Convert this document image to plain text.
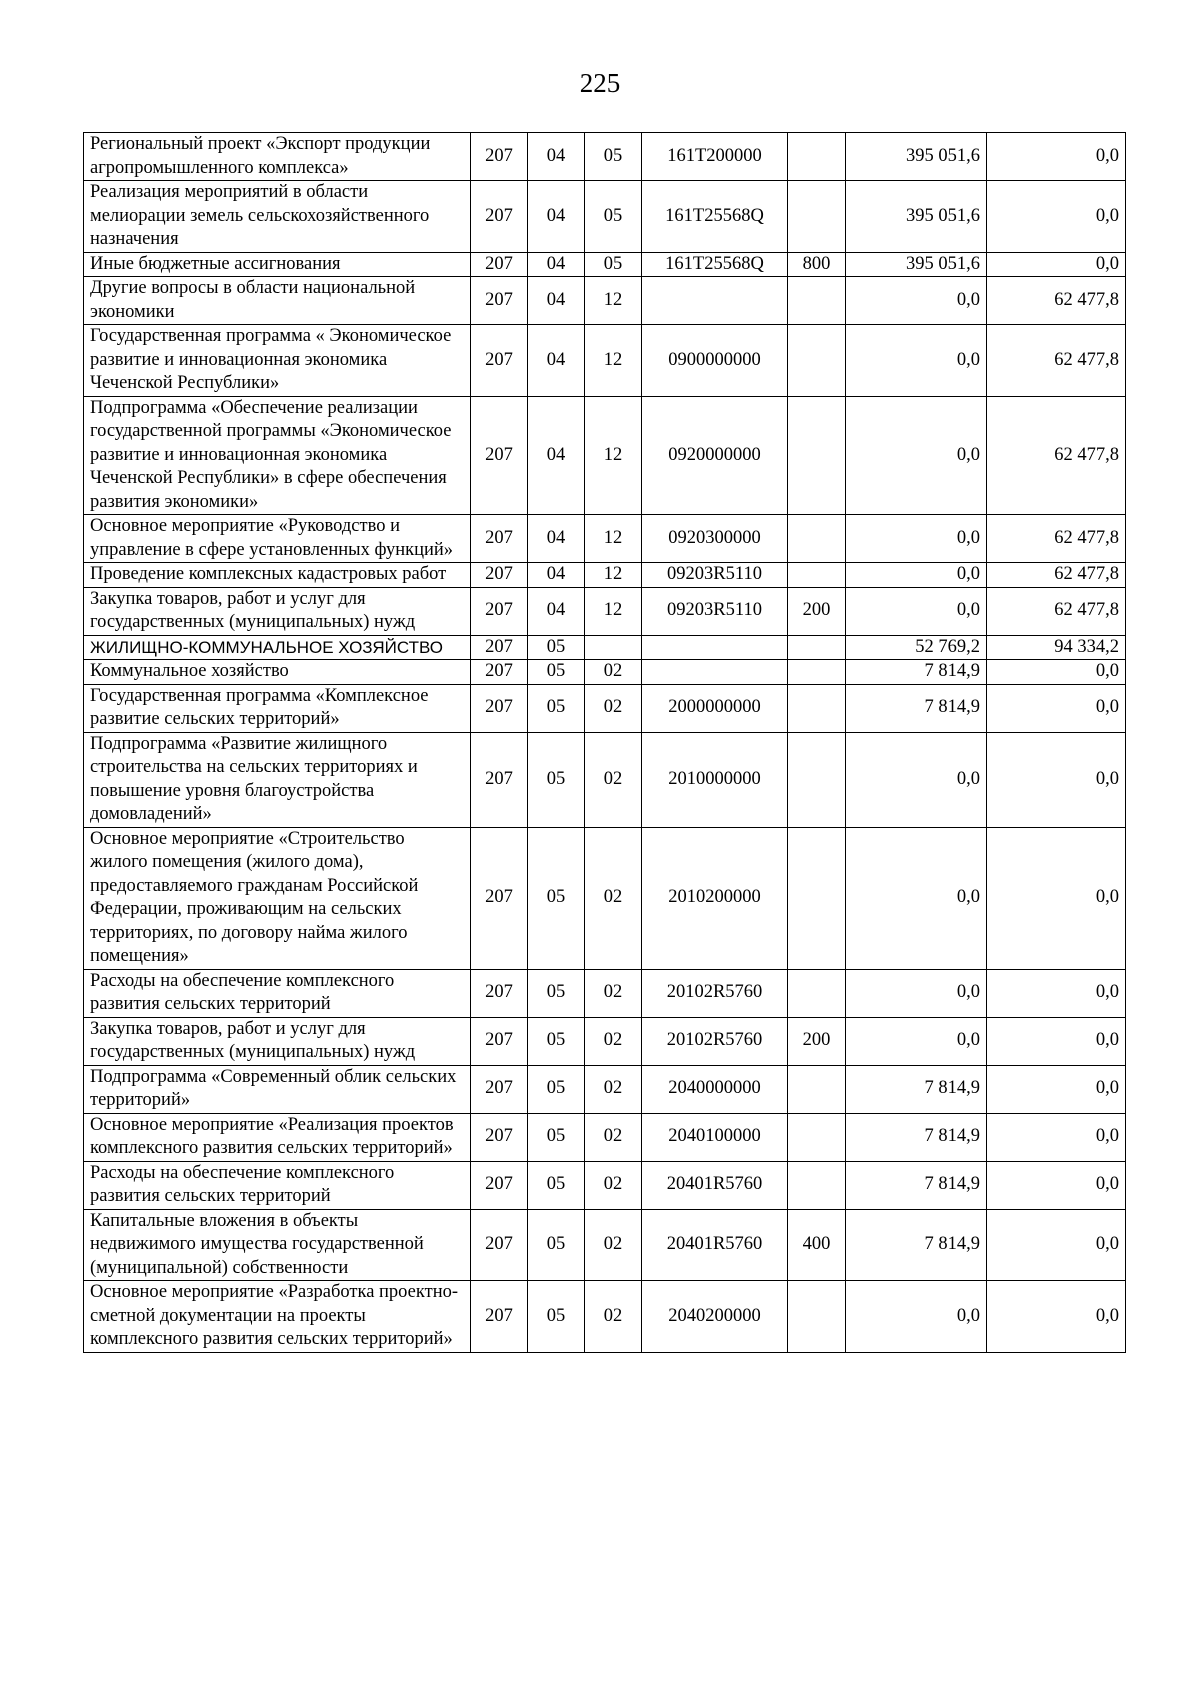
225
Региональный проект «Экспорт продукции агропромышленного комплекса»	207	04	05	161T200000		395 051,6	0,0
Реализация мероприятий в области мелиорации земель сельскохозяйственного назначения	207	04	05	161T25568Q		395 051,6	0,0
Иные бюджетные ассигнования	207	04	05	161T25568Q	800	395 051,6	0,0
Другие вопросы в области национальной экономики	207	04	12			0,0	62 477,8
Государственная программа « Экономическое развитие и инновационная экономика Чеченской Республики»	207	04	12	0900000000		0,0	62 477,8
Подпрограмма «Обеспечение реализации государственной программы «Экономическое развитие и инновационная экономика Чеченской Республики» в сфере обеспечения развития экономики»	207	04	12	0920000000		0,0	62 477,8
Основное мероприятие «Руководство и управление в сфере установленных функций»	207	04	12	0920300000		0,0	62 477,8
Проведение комплексных кадастровых работ	207	04	12	09203R5110		0,0	62 477,8
Закупка товаров, работ и услуг для государственных (муниципальных) нужд	207	04	12	09203R5110	200	0,0	62 477,8
ЖИЛИЩНО-КОММУНАЛЬНОЕ ХОЗЯЙСТВО	207	05				52 769,2	94 334,2
Коммунальное хозяйство	207	05	02			7 814,9	0,0
Государственная программа «Комплексное развитие сельских территорий»	207	05	02	2000000000		7 814,9	0,0
Подпрограмма «Развитие жилищного строительства на сельских территориях и повышение уровня благоустройства домовладений»	207	05	02	2010000000		0,0	0,0
Основное мероприятие «Строительство жилого помещения (жилого дома), предоставляемого гражданам Российской Федерации, проживающим на сельских территориях, по договору найма жилого помещения»	207	05	02	2010200000		0,0	0,0
Расходы на обеспечение комплексного развития сельских территорий	207	05	02	20102R5760		0,0	0,0
Закупка товаров, работ и услуг для государственных (муниципальных) нужд	207	05	02	20102R5760	200	0,0	0,0
Подпрограмма «Современный облик сельских территорий»	207	05	02	2040000000		7 814,9	0,0
Основное мероприятие «Реализация проектов комплексного развития сельских территорий»	207	05	02	2040100000		7 814,9	0,0
Расходы на обеспечение комплексного развития сельских территорий	207	05	02	20401R5760		7 814,9	0,0
Капитальные вложения в объекты недвижимого имущества государственной (муниципальной) собственности	207	05	02	20401R5760	400	7 814,9	0,0
Основное мероприятие «Разработка проектно- сметной документации на проекты комплексного развития сельских территорий»	207	05	02	2040200000		0,0	0,0
